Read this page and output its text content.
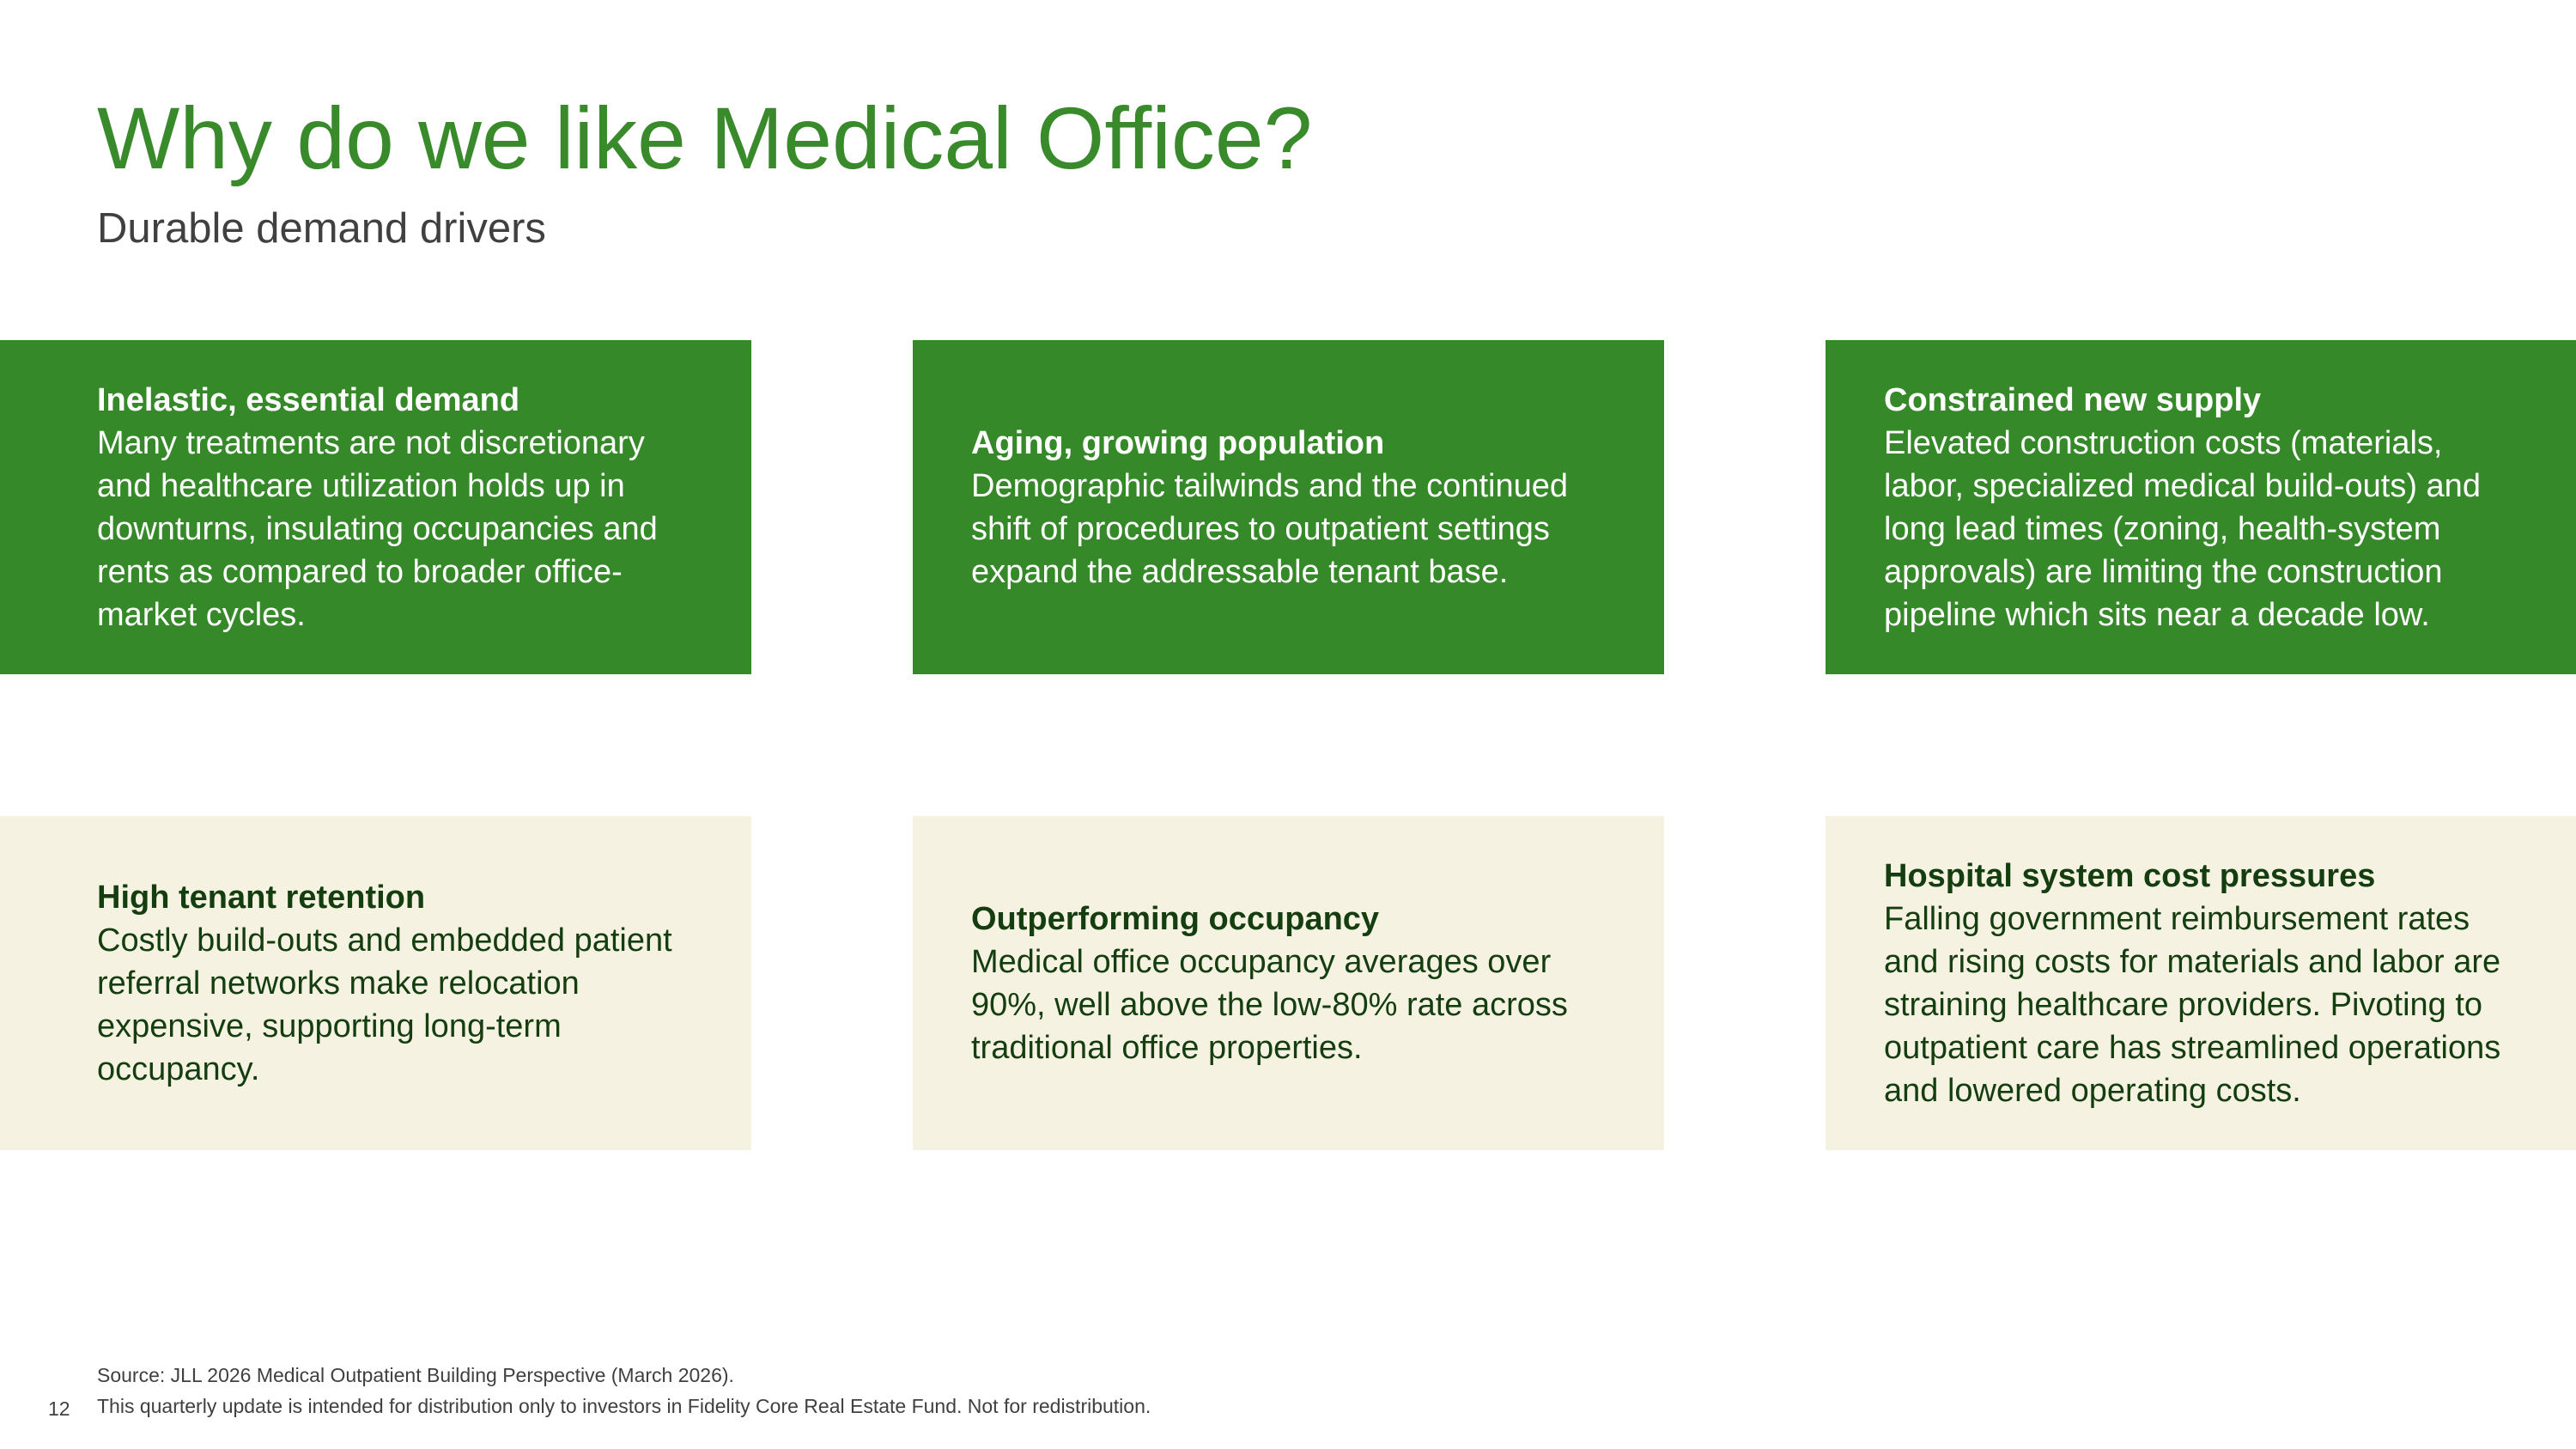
Why do we like Medical Office?
Durable demand drivers

Inelastic, essential demand

Many treatments are not discretionary and healthcare utilization holds up in downturns, insulating occupancies and rents as compared to broader office-market cycles.

Aging, growing population

Demographic tailwinds and the continued shift of procedures to outpatient settings expand the addressable tenant base.

Constrained new supply

Elevated construction costs (materials, labor, specialized medical build-outs) and long lead times (zoning, health-system approvals) are limiting the construction pipeline which sits near a decade low.

High tenant retention

Costly build-outs and embedded patient referral networks make relocation expensive, supporting long-term occupancy.

Outperforming occupancy

Medical office occupancy averages over 90%, well above the low-80% rate across traditional office properties.

Hospital system cost pressures

Falling government reimbursement rates and rising costs for materials and labor are straining healthcare providers. Pivoting to outpatient care has streamlined operations and lowered operating costs.

Source: JLL 2026 Medical Outpatient Building Perspective (March 2026).
This quarterly update is intended for distribution only to investors in Fidelity Core Real Estate Fund. Not for redistribution.
12
